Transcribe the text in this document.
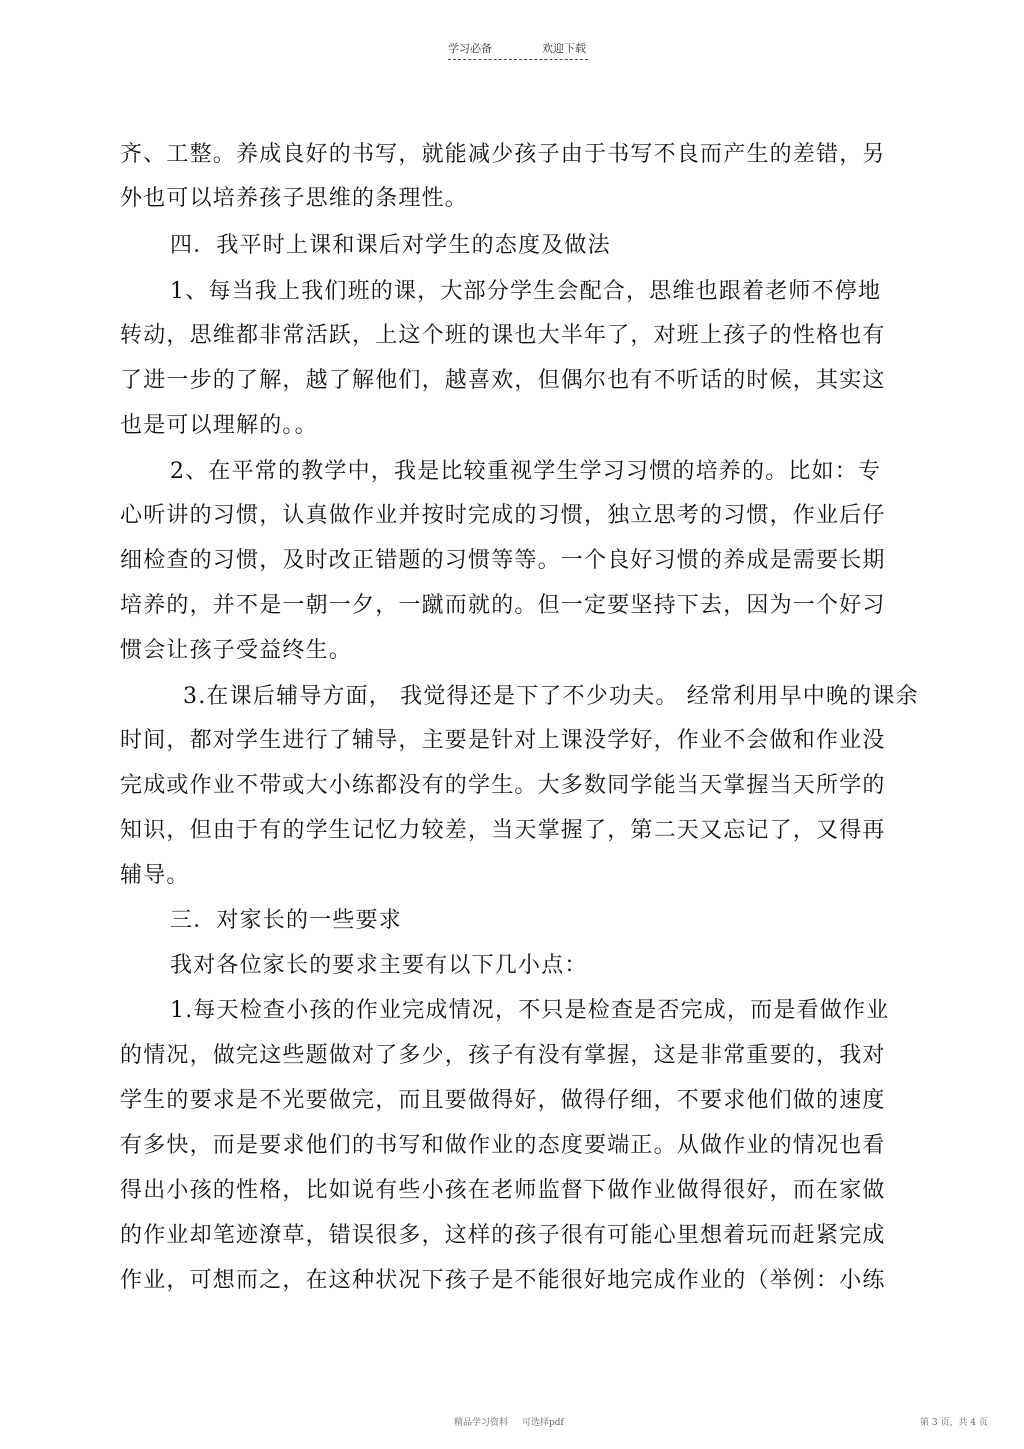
学习必备	欢迎下载
齐、工整。养成良好的书写，就能减少孩子由于书写不良而产生的差错，另
外也可以培养孩子思维的条理性。
四．我平时上课和课后对学生的态度及做法
1、每当我上我们班的课，大部分学生会配合，思维也跟着老师不停地
转动，思维都非常活跃，上这个班的课也大半年了，对班上孩子的性格也有
了进一步的了解，越了解他们，越喜欢，但偶尔也有不听话的时候，其实这
也是可以理解的。。
2、在平常的教学中，我是比较重视学生学习习惯的培养的。比如：专
心听讲的习惯，认真做作业并按时完成的习惯，独立思考的习惯，作业后仔
细检查的习惯，及时改正错题的习惯等等。一个良好习惯的养成是需要长期
培养的，并不是一朝一夕，一蹴而就的。但一定要坚持下去，因为一个好习
惯会让孩子受益终生。
3.在课后辅导方面， 我觉得还是下了不少功夫。 经常利用早中晚的课余
时间，都对学生进行了辅导，主要是针对上课没学好，作业不会做和作业没
完成或作业不带或大小练都没有的学生。大多数同学能当天掌握当天所学的
知识，但由于有的学生记忆力较差，当天掌握了，第二天又忘记了，又得再
辅导。
三．对家长的一些要求
我对各位家长的要求主要有以下几小点：
1.每天检查小孩的作业完成情况，不只是检查是否完成，而是看做作业
的情况，做完这些题做对了多少，孩子有没有掌握，这是非常重要的，我对
学生的要求是不光要做完，而且要做得好，做得仔细，不要求他们做的速度
有多快，而是要求他们的书写和做作业的态度要端正。从做作业的情况也看
得出小孩的性格，比如说有些小孩在老师监督下做作业做得很好，而在家做
的作业却笔迹潦草，错误很多，这样的孩子很有可能心里想着玩而赶紧完成
作业，可想而之，在这种状况下孩子是不能很好地完成作业的（举例：小练
精品学习资料 可选择pdf	第 3 页，共 4 页
